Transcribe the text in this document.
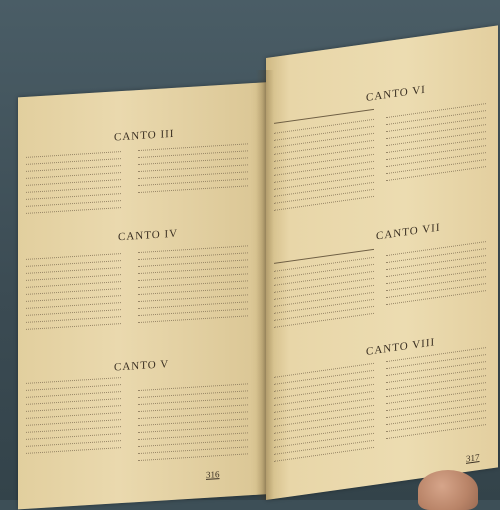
CANTO III
CANTO IV
CANTO V
316
CANTO VI
CANTO VII
CANTO VIII
317
